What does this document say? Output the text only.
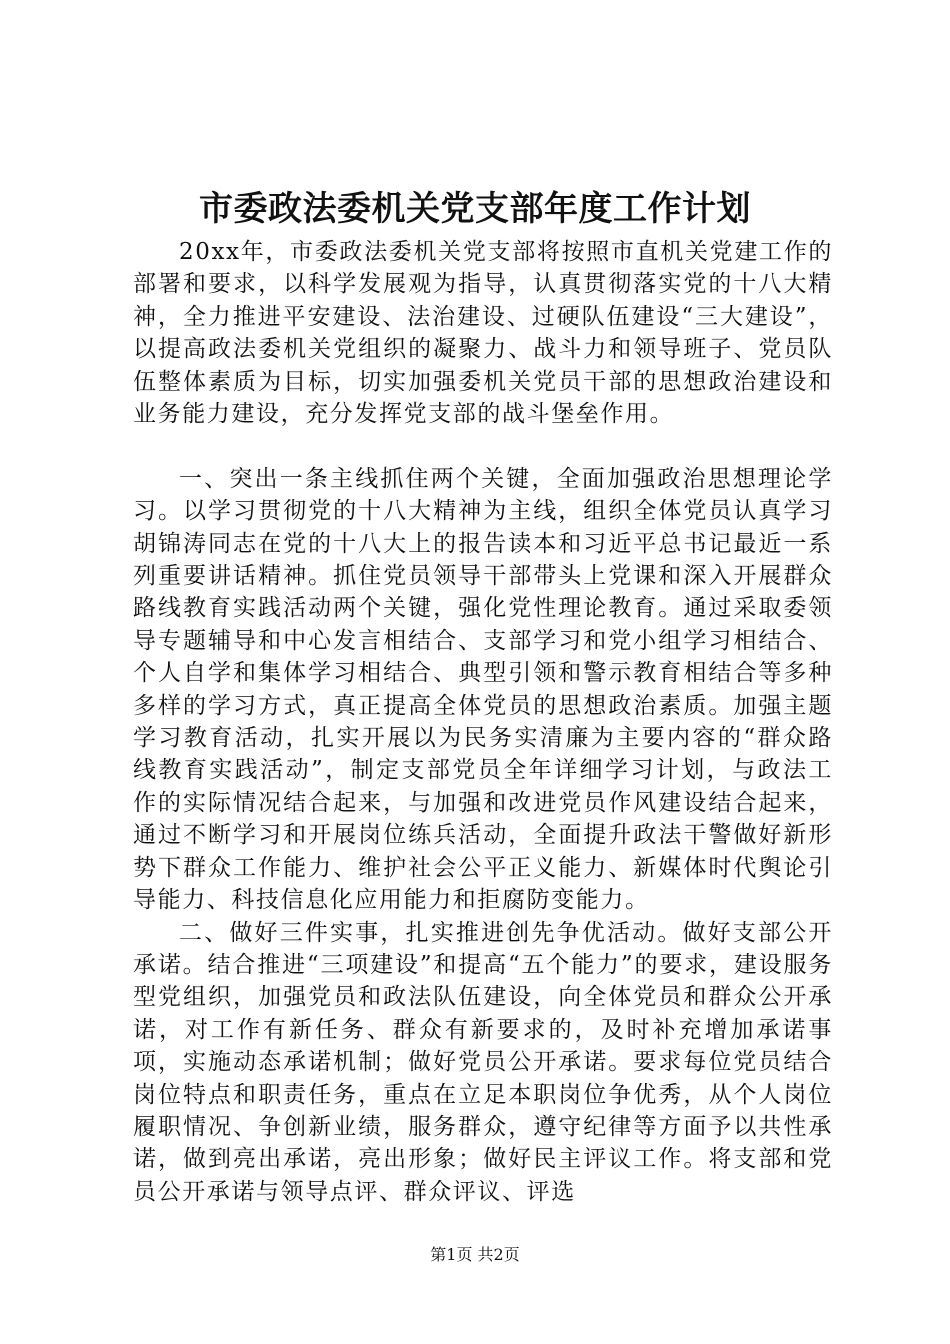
市委政法委机关党支部年度工作计划

20xx年，市委政法委机关党支部将按照市直机关党建工作的部署和要求，以科学发展观为指导，认真贯彻落实党的十八大精神，全力推进平安建设、法治建设、过硬队伍建设“三大建设”，以提高政法委机关党组织的凝聚力、战斗力和领导班子、党员队伍整体素质为目标，切实加强委机关党员干部的思想政治建设和业务能力建设，充分发挥党支部的战斗堡垒作用。

一、突出一条主线抓住两个关键，全面加强政治思想理论学习。以学习贯彻党的十八大精神为主线，组织全体党员认真学习胡锦涛同志在党的十八大上的报告读本和习近平总书记最近一系列重要讲话精神。抓住党员领导干部带头上党课和深入开展群众路线教育实践活动两个关键，强化党性理论教育。通过采取委领导专题辅导和中心发言相结合、支部学习和党小组学习相结合、个人自学和集体学习相结合、典型引领和警示教育相结合等多种多样的学习方式，真正提高全体党员的思想政治素质。加强主题学习教育活动，扎实开展以为民务实清廉为主要内容的“群众路线教育实践活动”，制定支部党员全年详细学习计划，与政法工作的实际情况结合起来，与加强和改进党员作风建设结合起来，通过不断学习和开展岗位练兵活动，全面提升政法干警做好新形势下群众工作能力、维护社会公平正义能力、新媒体时代舆论引导能力、科技信息化应用能力和拒腐防变能力。

二、做好三件实事，扎实推进创先争优活动。做好支部公开承诺。结合推进“三项建设”和提高“五个能力”的要求，建设服务型党组织，加强党员和政法队伍建设，向全体党员和群众公开承诺，对工作有新任务、群众有新要求的，及时补充增加承诺事项，实施动态承诺机制；做好党员公开承诺。要求每位党员结合岗位特点和职责任务，重点在立足本职岗位争优秀，从个人岗位履职情况、争创新业绩，服务群众，遵守纪律等方面予以共性承诺，做到亮出承诺，亮出形象；做好民主评议工作。将支部和党员公开承诺与领导点评、群众评议、评选

第1页 共2页
